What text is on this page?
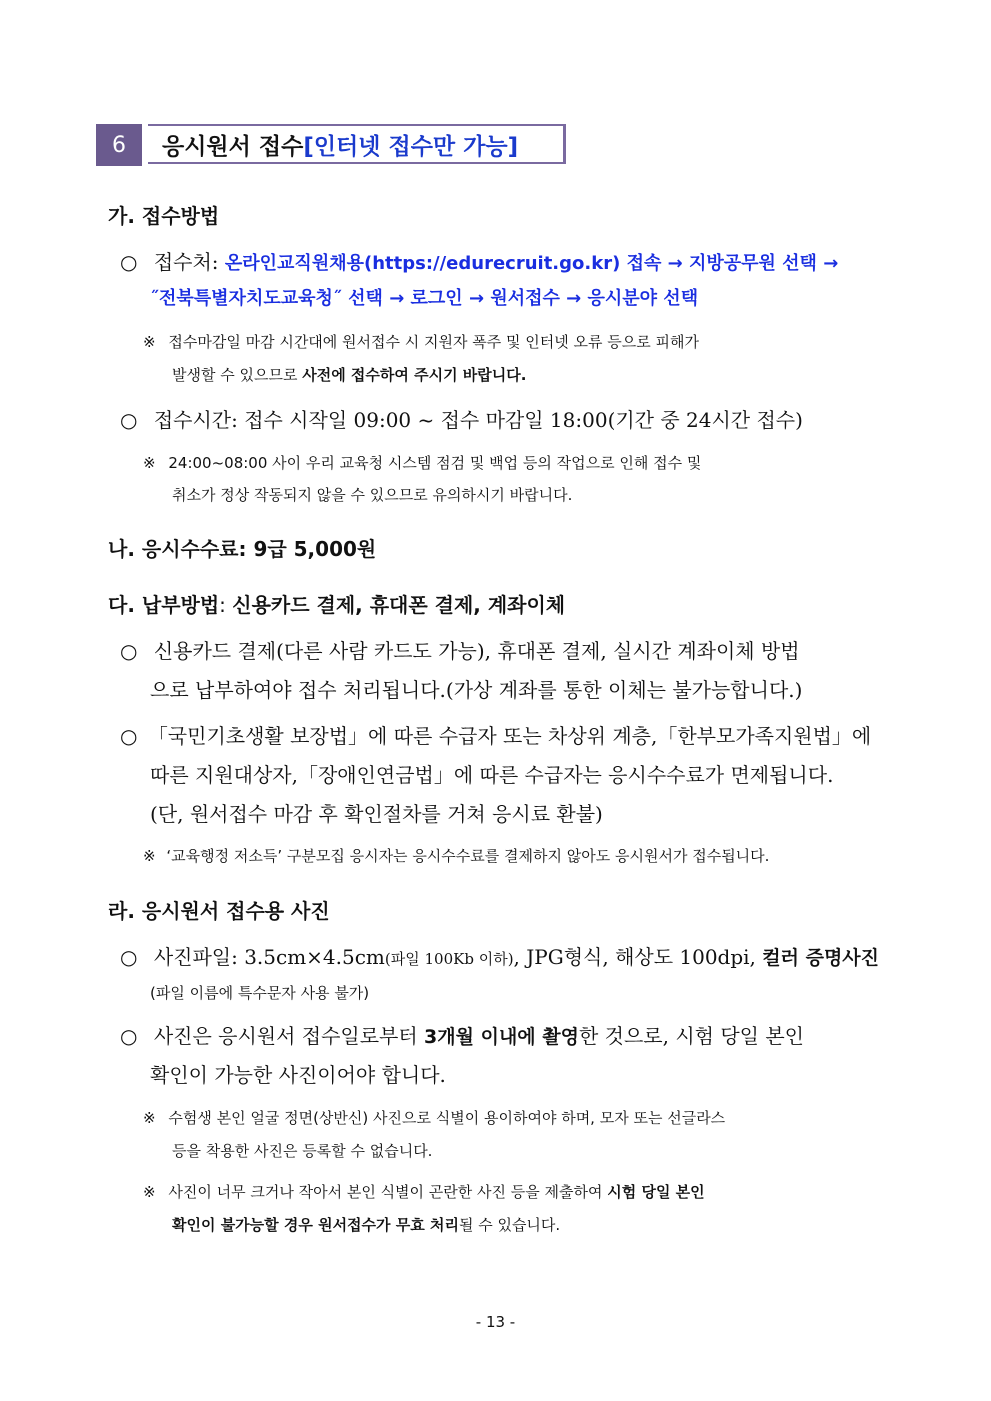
6	응시원서 접수 [인터넷 접수만 가능]
가. 접수방법
○ 접수처: 온라인교직원채용(https://edurecruit.go.kr) 접속 → 지방공무원 선택 →
˝전북특별자치도교육청˝ 선택 → 로그인 → 원서접수 → 응시분야 선택
※ 접수마감일 마감 시간대에 원서접수 시 지원자 폭주 및 인터넷 오류 등으로 피해가
발생할 수 있으므로 사전에 접수하여 주시기 바랍니다.
○ 접수시간: 접수 시작일 09:00 ~ 접수 마감일 18:00(기간 중 24시간 접수)
※ 24:00~08:00 사이 우리 교육청 시스템 점검 및 백업 등의 작업으로 인해 접수 및
취소가 정상 작동되지 않을 수 있으므로 유의하시기 바랍니다.
나. 응시수수료: 9급 5,000원
다. 납부방법: 신용카드 결제, 휴대폰 결제, 계좌이체
○ 신용카드 결제(다른 사람 카드도 가능), 휴대폰 결제, 실시간 계좌이체 방법
으로 납부하여야 접수 처리됩니다.(가상 계좌를 통한 이체는 불가능합니다.)
○ 「국민기초생활 보장법」에 따른 수급자 또는 차상위 계층,「한부모가족지원법」에
따른 지원대상자,「장애인연금법」에 따른 수급자는 응시수수료가 면제됩니다.
(단, 원서접수 마감 후 확인절차를 거쳐 응시료 환불)
※ ‘교육행정 저소득’ 구분모집 응시자는 응시수수료를 결제하지 않아도 응시원서가 접수됩니다.
라. 응시원서 접수용 사진
○ 사진파일: 3.5cm×4.5cm(파일 100Kb 이하), JPG형식, 해상도 100dpi, 컬러 증명사진
(파일 이름에 특수문자 사용 불가)
○ 사진은 응시원서 접수일로부터 3개월 이내에 촬영한 것으로, 시험 당일 본인
확인이 가능한 사진이어야 합니다.
※ 수험생 본인 얼굴 정면(상반신) 사진으로 식별이 용이하여야 하며, 모자 또는 선글라스
등을 착용한 사진은 등록할 수 없습니다.
※ 사진이 너무 크거나 작아서 본인 식별이 곤란한 사진 등을 제출하여 시험 당일 본인
확인이 불가능할 경우 원서접수가 무효 처리될 수 있습니다.
- 13 -
